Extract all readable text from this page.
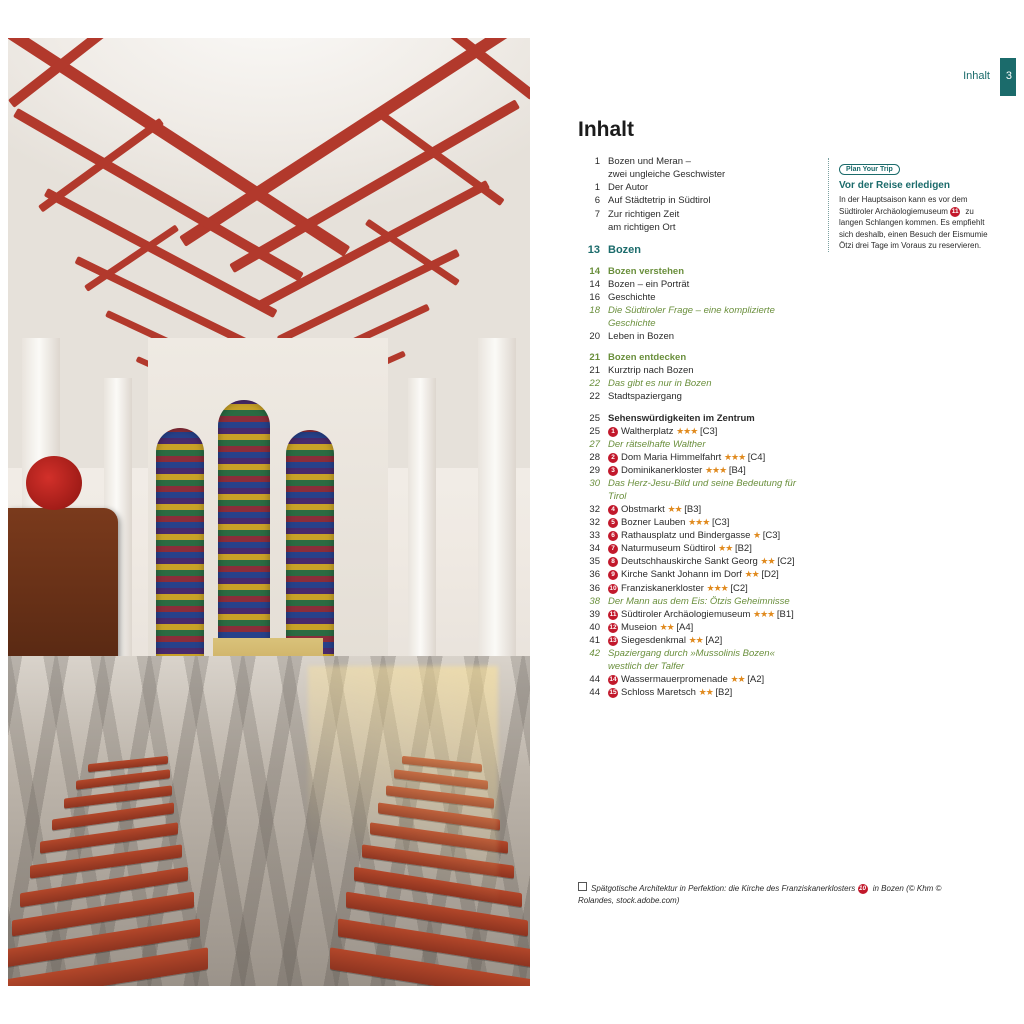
Inhalt 3
Inhalt
1 Bozen und Meran –
zwei ungleiche Geschwister
1 Der Autor
6 Auf Städtetrip in Südtirol
7 Zur richtigen Zeit
am richtigen Ort
13 Bozen
14 Bozen verstehen
14 Bozen – ein Porträt
16 Geschichte
18 Die Südtiroler Frage – eine komplizierte Geschichte
20 Leben in Bozen
21 Bozen entdecken
21 Kurztrip nach Bozen
22 Das gibt es nur in Bozen
22 Stadtspaziergang
25 Sehenswürdigkeiten im Zentrum
25	1 Waltherplatz ★★★ [C3]
27 Der rätselhafte Walther
28	2 Dom Maria Himmelfahrt ★★★ [C4]
29	3 Dominikanerkloster ★★★ [B4]
30 Das Herz-Jesu-Bild und seine Bedeutung für Tirol
32	4 Obstmarkt ★★ [B3]
32	5 Bozner Lauben ★★★ [C3]
33	6 Rathausplatz und Bindergasse ★ [C3]
34	7 Naturmuseum Südtirol ★★ [B2]
35	8 Deutschhauskirche Sankt Georg ★★ [C2]
36	9 Kirche Sankt Johann im Dorf ★★ [D2]
36 10 Franziskanerkloster ★★★ [C2]
38 Der Mann aus dem Eis: Ötzis Geheimnisse
39 11 Südtiroler Archäologiemuseum ★★★ [B1]
40 12 Museion ★★ [A4]
41 13 Siegesdenkmal ★★ [A2]
42 Spaziergang durch »Mussolinis Bozen« westlich der Talfer
44 14 Wassermauerpromenade ★★ [A2]
44 15 Schloss Maretsch ★★ [B2]
Plan Your Trip
Vor der Reise erledigen
In der Hauptsaison kann es vor dem Südtiroler Archäologiemuseum 11 zu langen Schlangen kommen. Es empfiehlt sich deshalb, einen Besuch der Eismumie Ötzi drei Tage im Voraus zu reservieren.
Spätgotische Architektur in Perfektion: die Kirche des Franziskanerklosters 10 in Bozen (© Khm © Rolandes, stock.adobe.com)
